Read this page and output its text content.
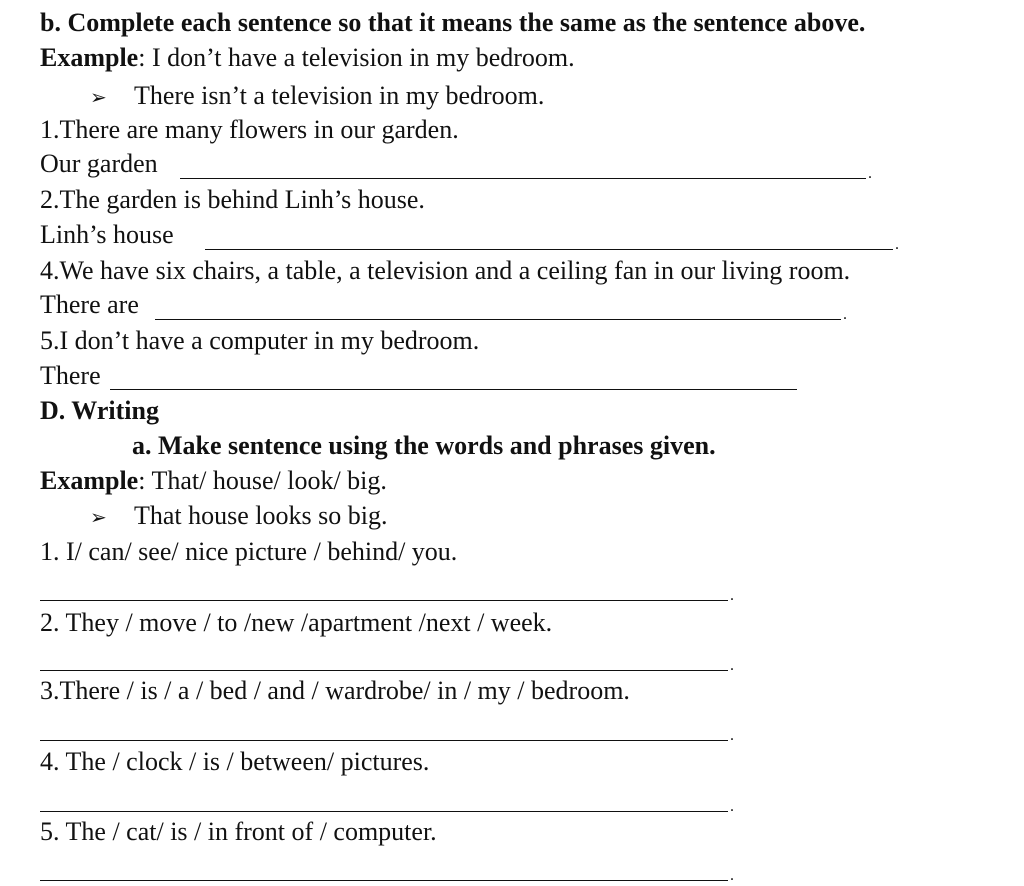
b. Complete each sentence so that it means the same as the sentence above.
Example: I don’t have a television in my bedroom.
➢ There isn’t a television in my bedroom.
1.There are many flowers in our garden.
Our garden	.
2.The garden is behind Linh’s house.
Linh’s house	.
4.We have six chairs, a table, a television and a ceiling fan in our living room.
There are	.
5.I don’t have a computer in my bedroom.
There
D. Writing
a. Make sentence using the words and phrases given.
Example: That/ house/ look/ big.
➢ That house looks so big.
1. I/ can/ see/ nice picture / behind/ you.
.
2. They / move / to /new /apartment /next / week.
.
3.There / is / a / bed / and / wardrobe/ in / my / bedroom.
.
4. The / clock / is / between/ pictures.
.
5. The / cat/ is / in front of / computer.
.
